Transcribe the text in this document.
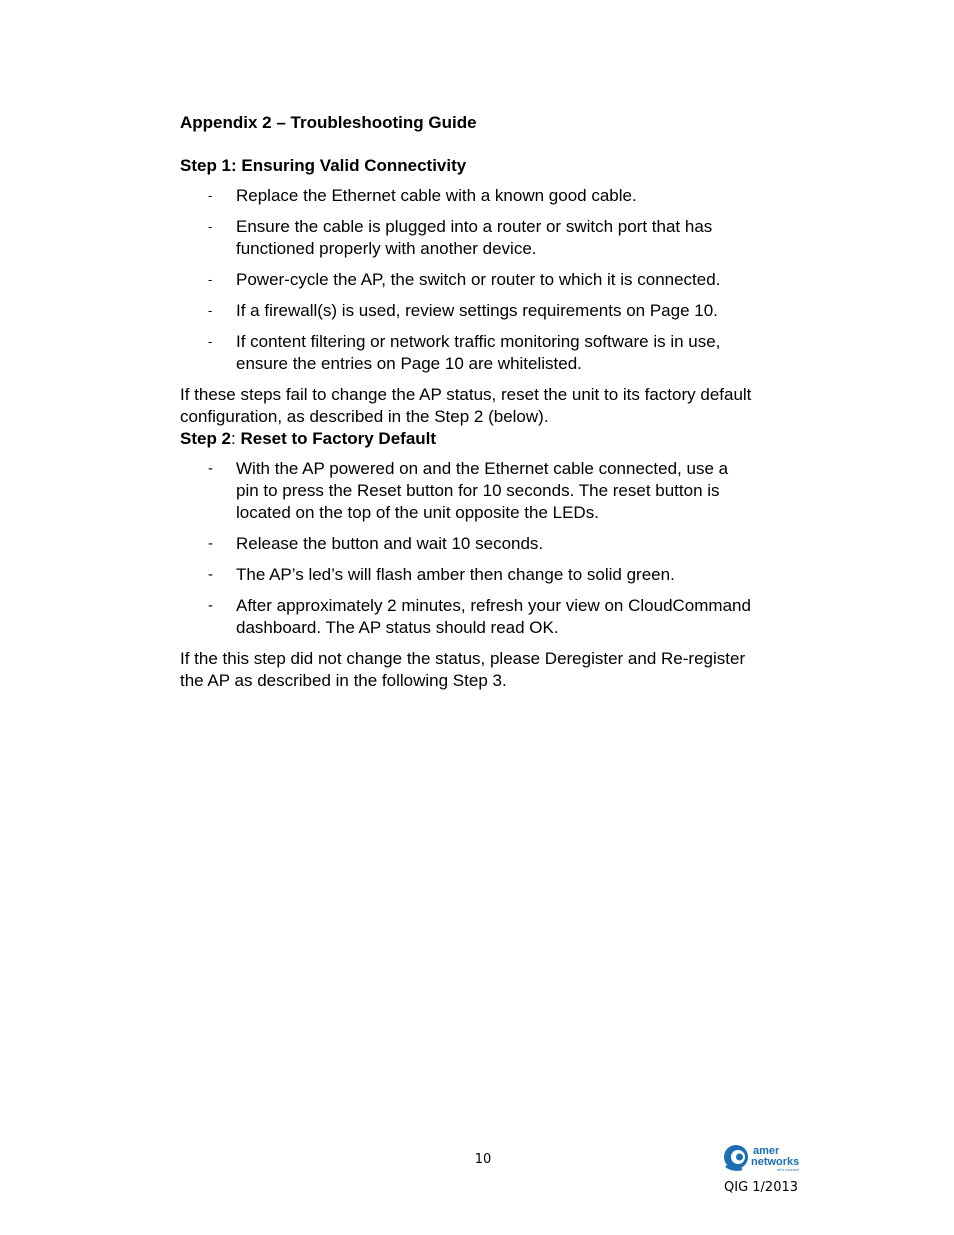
Appendix 2 – Troubleshooting Guide
Step 1: Ensuring Valid Connectivity
- Replace the Ethernet cable with a known good cable.
- Ensure the cable is plugged into a router or switch port that has functioned properly with another device.
- Power-cycle the AP, the switch or router to which it is connected.
- If a firewall(s) is used, review settings requirements on Page 10.
- If content filtering or network traffic monitoring software is in use, ensure the entries on Page 10 are whitelisted.

If these steps fail to change the AP status, reset the unit to its factory default configuration, as described in the Step 2 (below).

Step 2: Reset to Factory Default
- With the AP powered on and the Ethernet cable connected, use a pin to press the Reset button for 10 seconds. The reset button is located on the top of the unit opposite the LEDs.
- Release the button and wait 10 seconds.
- The AP’s led’s will flash amber then change to solid green.
- After approximately 2 minutes, refresh your view on CloudCommand dashboard. The AP status should read OK.

If the this step did not change the status, please Deregister and Re-register the AP as described in the following Step 3.

10
amer
networks
let's connect
QIG 1/2013
